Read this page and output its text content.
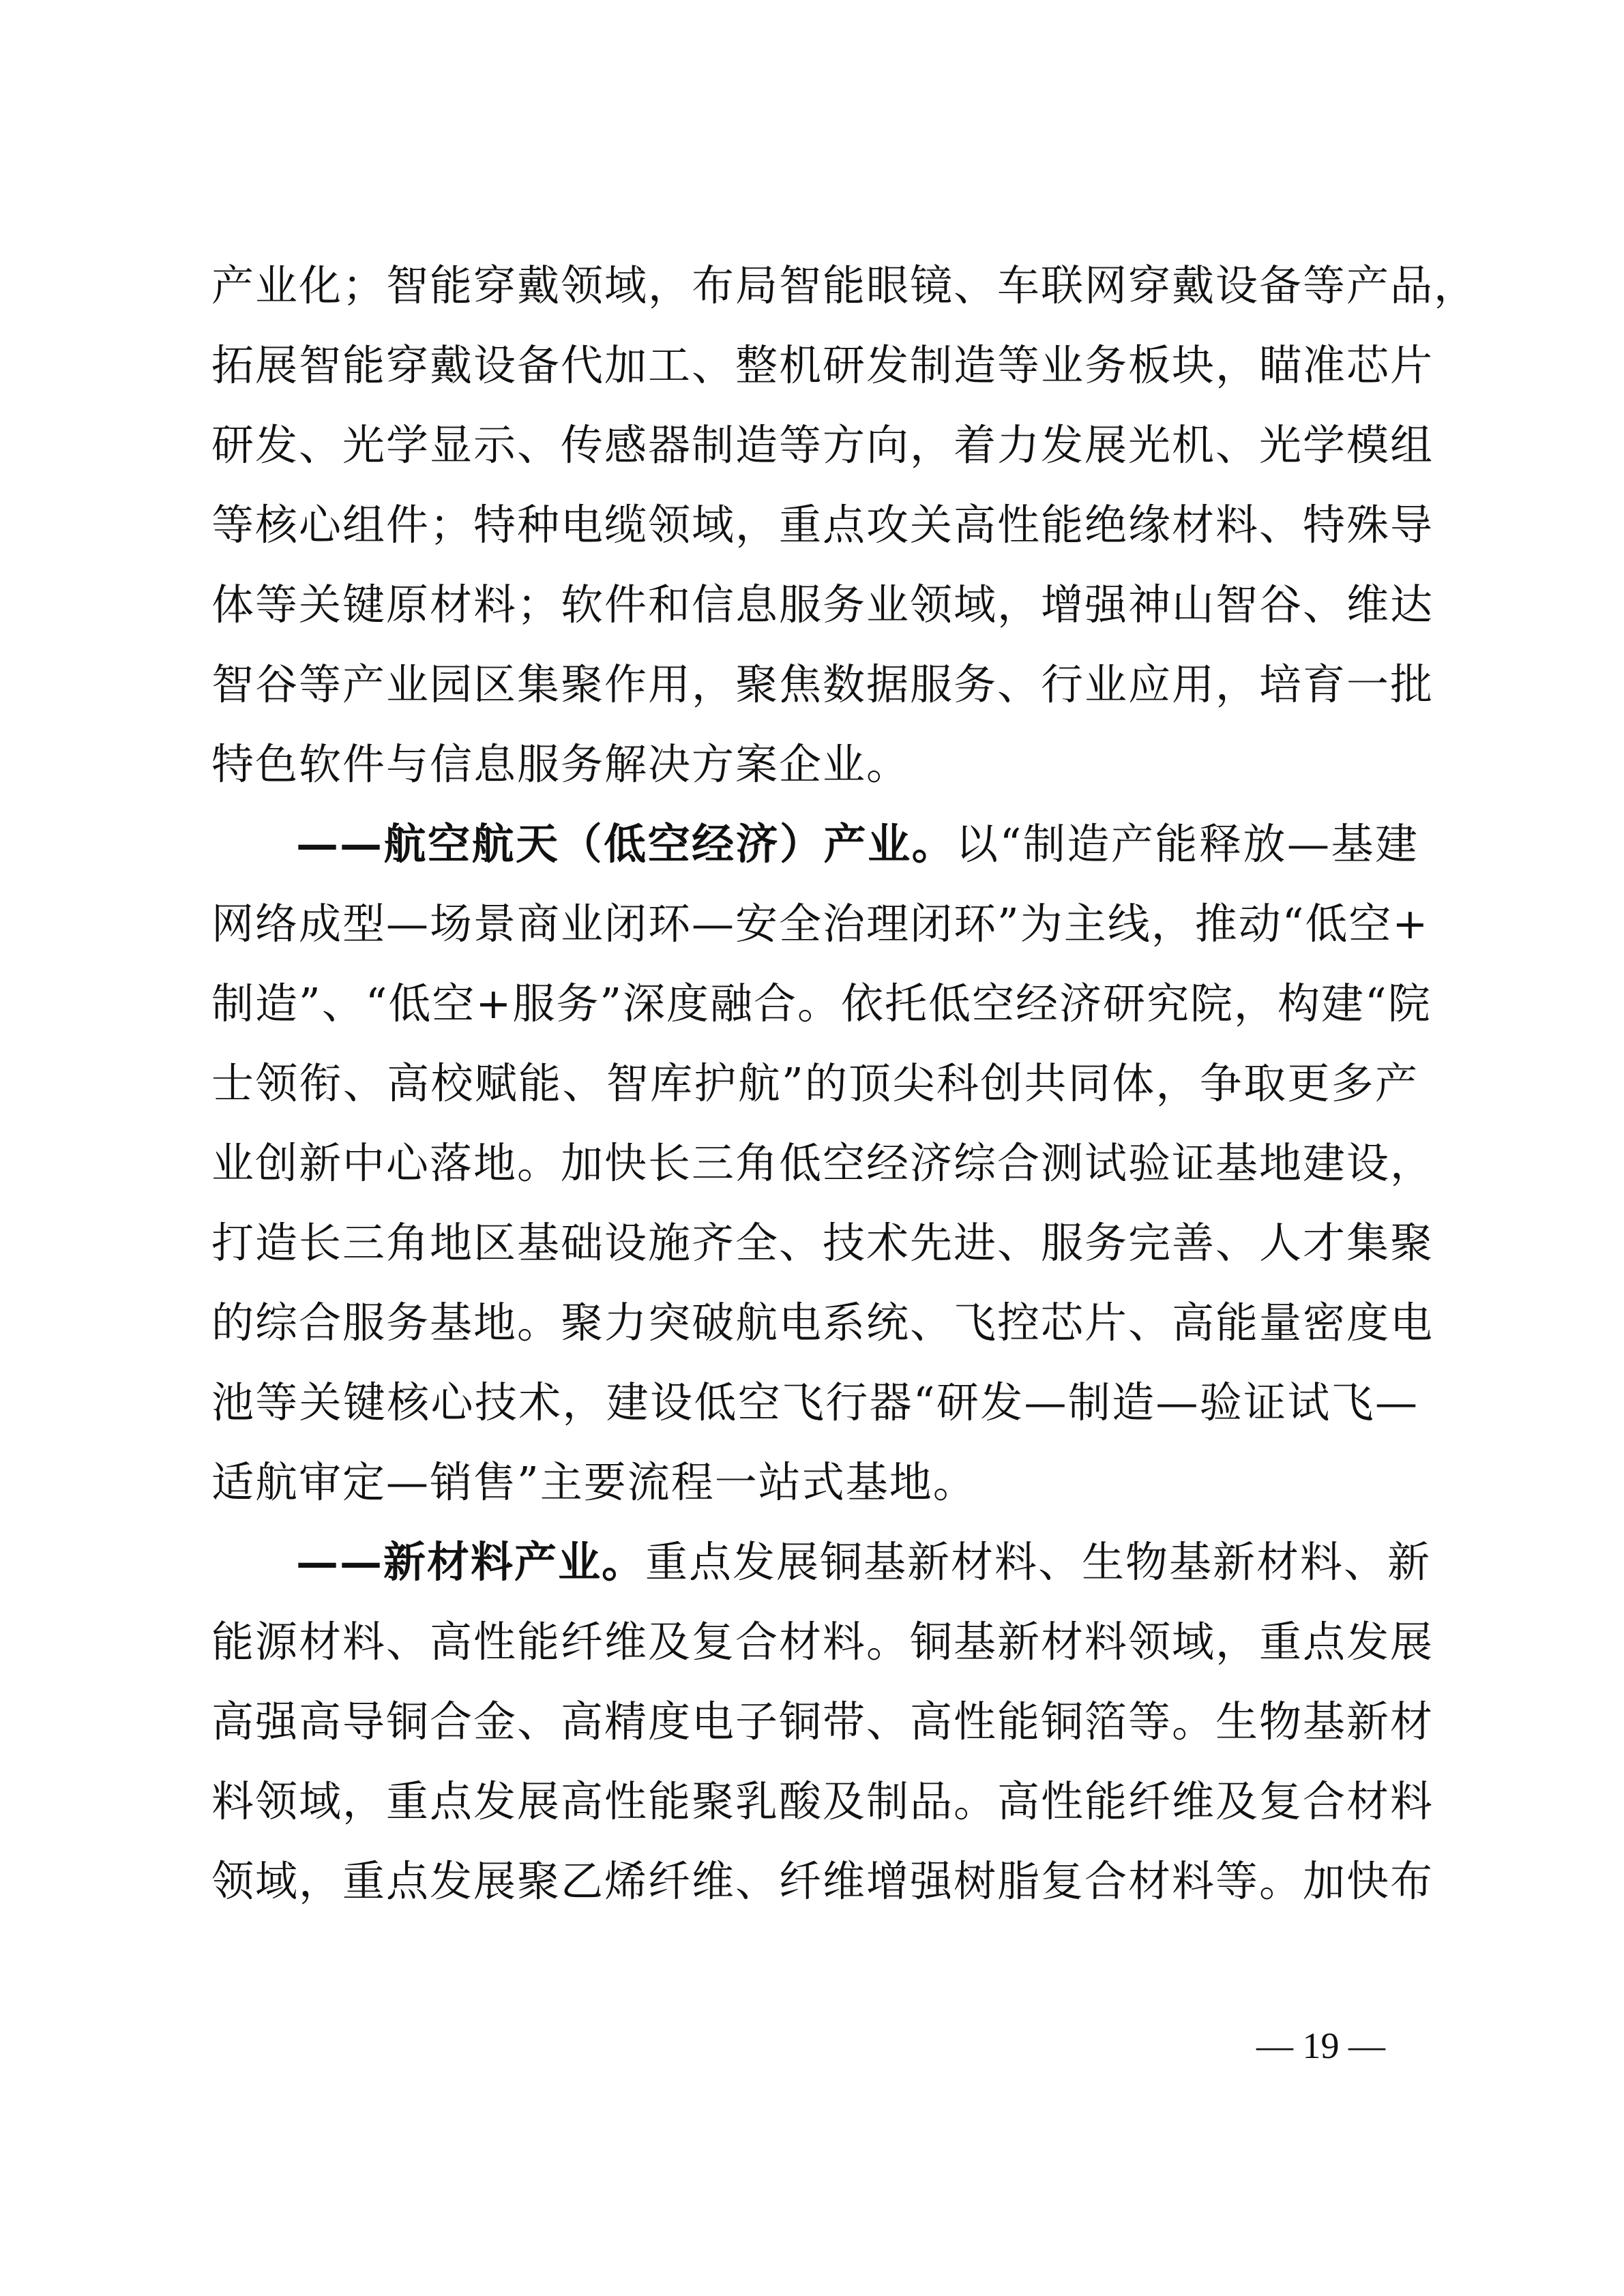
产业化；智能穿戴领域，布局智能眼镜、车联网穿戴设备等产品，
拓展智能穿戴设备代加工、整机研发制造等业务板块，瞄准芯片
研发、光学显示、传感器制造等方向，着力发展光机、光学模组
等核心组件；特种电缆领域，重点攻关高性能绝缘材料、特殊导
体等关键原材料；软件和信息服务业领域，增强神山智谷、维达
智谷等产业园区集聚作用，聚焦数据服务、行业应用，培育一批
特色软件与信息服务解决方案企业。
——航空航天（低空经济）产业。以“制造产能释放—基建
网络成型—场景商业闭环—安全治理闭环”为主线，推动“低空+
制造”、“低空+服务”深度融合。依托低空经济研究院，构建“院
士领衔、高校赋能、智库护航”的顶尖科创共同体，争取更多产
业创新中心落地。加快长三角低空经济综合测试验证基地建设，
打造长三角地区基础设施齐全、技术先进、服务完善、人才集聚
的综合服务基地。聚力突破航电系统、飞控芯片、高能量密度电
池等关键核心技术，建设低空飞行器“研发—制造—验证试飞—
适航审定—销售”主要流程一站式基地。
——新材料产业。重点发展铜基新材料、生物基新材料、新
能源材料、高性能纤维及复合材料。铜基新材料领域，重点发展
高强高导铜合金、高精度电子铜带、高性能铜箔等。生物基新材
料领域，重点发展高性能聚乳酸及制品。高性能纤维及复合材料
领域，重点发展聚乙烯纤维、纤维增强树脂复合材料等。加快布
— 19 —
